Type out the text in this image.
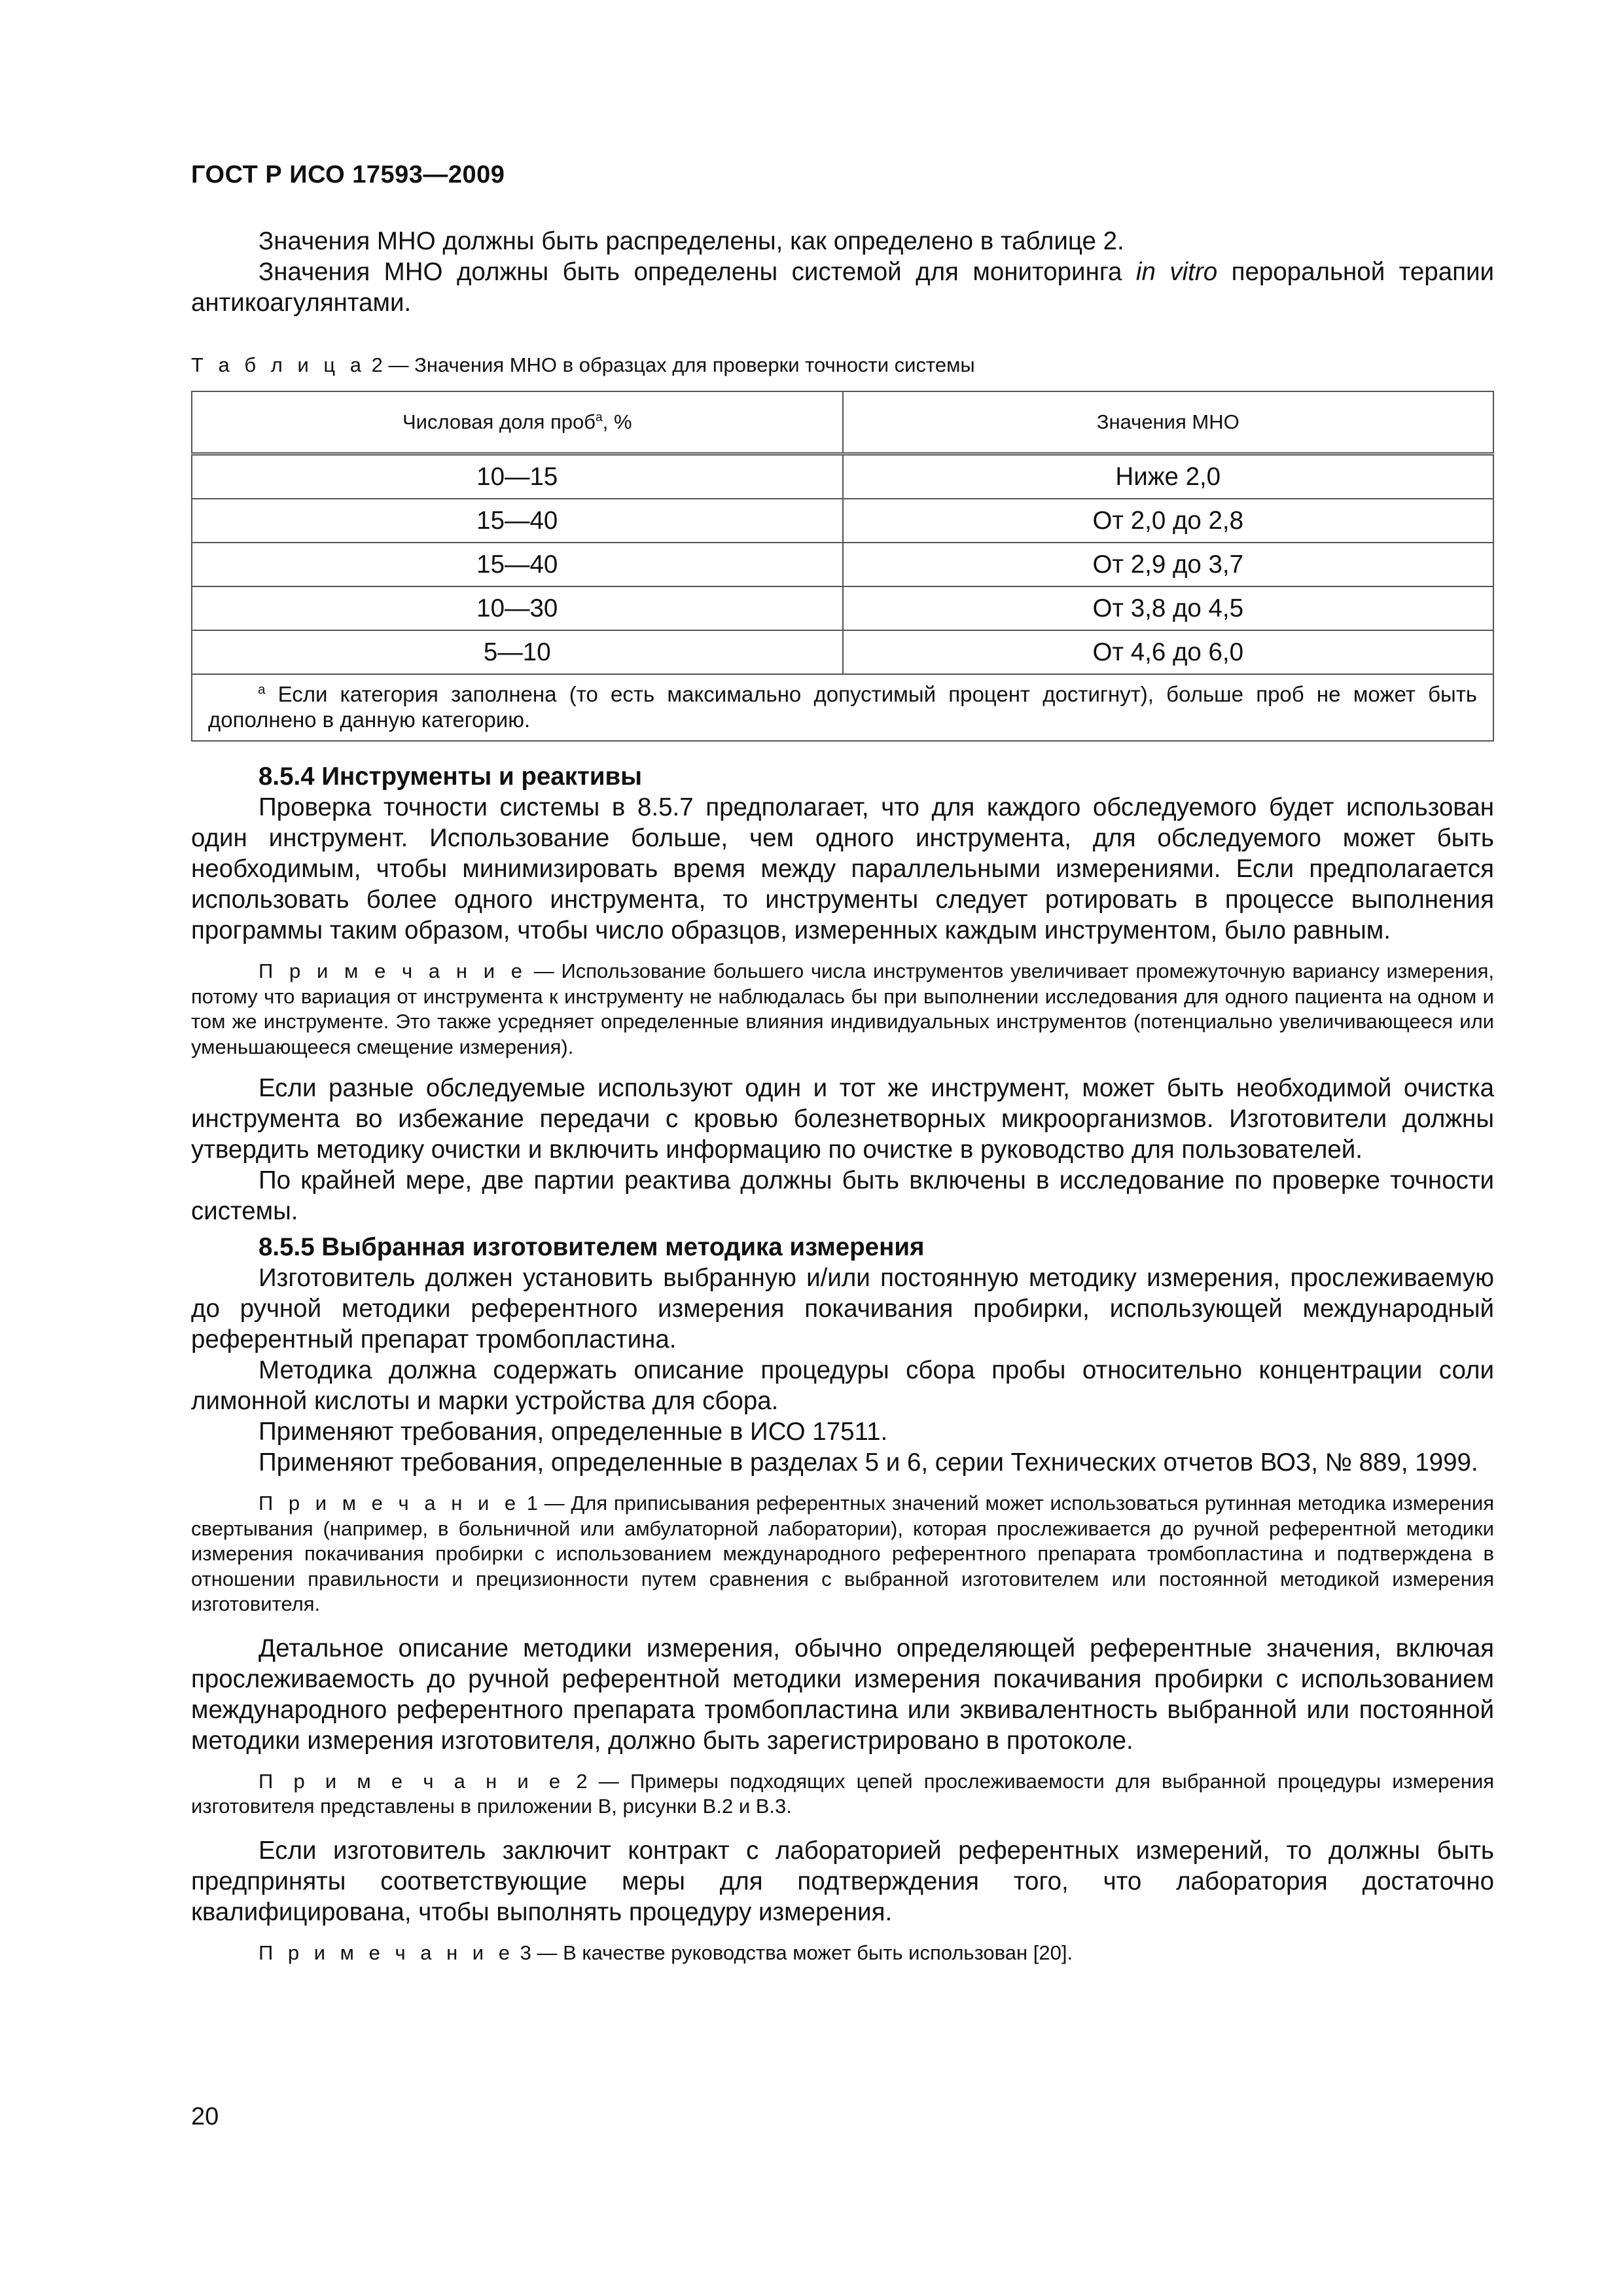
ГОСТ Р ИСО 17593—2009

Значения МНО должны быть распределены, как определено в таблице 2.

Значения МНО должны быть определены системой для мониторинга in vitro пероральной терапии антикоагулянтами.

Т а б л и ц а 2 — Значения МНО в образцах для проверки точности системы
Числовая доля проб$^а$, %	Значения МНО
10—15	Ниже 2,0
15—40	От 2,0 до 2,8
15—40	От 2,9 до 3,7
10—30	От 3,8 до 4,5
5—10	От 4,6 до 6,0
$^а$ Если категория заполнена (то есть максимально допустимый процент достигнут), больше проб не может быть дополнено в данную категорию.	

8.5.4 Инструменты и реактивы

Проверка точности системы в 8.5.7 предполагает, что для каждого обследуемого будет использован один инструмент. Использование больше, чем одного инструмента, для обследуемого может быть необходимым, чтобы минимизировать время между параллельными измерениями. Если предполагается использовать более одного инструмента, то инструменты следует ротировать в процессе выполнения программы таким образом, чтобы число образцов, измеренных каждым инструментом, было равным.

П р и м е ч а н и е — Использование большего числа инструментов увеличивает промежуточную вариансу измерения, потому что вариация от инструмента к инструменту не наблюдалась бы при выполнении исследования для одного пациента на одном и том же инструменте. Это также усредняет определенные влияния индивидуальных инструментов (потенциально увеличивающееся или уменьшающееся смещение измерения).

Если разные обследуемые используют один и тот же инструмент, может быть необходимой очистка инструмента во избежание передачи с кровью болезнетворных микроорганизмов. Изготовители должны утвердить методику очистки и включить информацию по очистке в руководство для пользователей.

По крайней мере, две партии реактива должны быть включены в исследование по проверке точности системы.

8.5.5 Выбранная изготовителем методика измерения

Изготовитель должен установить выбранную и/или постоянную методику измерения, прослеживаемую до ручной методики референтного измерения покачивания пробирки, использующей международный референтный препарат тромбопластина.

Методика должна содержать описание процедуры сбора пробы относительно концентрации соли лимонной кислоты и марки устройства для сбора.

Применяют требования, определенные в ИСО 17511.

Применяют требования, определенные в разделах 5 и 6, серии Технических отчетов ВОЗ, № 889, 1999.

П р и м е ч а н и е 1 — Для приписывания референтных значений может использоваться рутинная методика измерения свертывания (например, в больничной или амбулаторной лаборатории), которая прослеживается до ручной референтной методики измерения покачивания пробирки с использованием международного референтного препарата тромбопластина и подтверждена в отношении правильности и прецизионности путем сравнения с выбранной изготовителем или постоянной методикой измерения изготовителя.

Детальное описание методики измерения, обычно определяющей референтные значения, включая прослеживаемость до ручной референтной методики измерения покачивания пробирки с использованием международного референтного препарата тромбопластина или эквивалентность выбранной или постоянной методики измерения изготовителя, должно быть зарегистрировано в протоколе.

П р и м е ч а н и е 2 — Примеры подходящих цепей прослеживаемости для выбранной процедуры измерения изготовителя представлены в приложении В, рисунки В.2 и В.3.

Если изготовитель заключит контракт с лабораторией референтных измерений, то должны быть предприняты соответствующие меры для подтверждения того, что лаборатория достаточно квалифицирована, чтобы выполнять процедуру измерения.

П р и м е ч а н и е 3 — В качестве руководства может быть использован [20].

20
